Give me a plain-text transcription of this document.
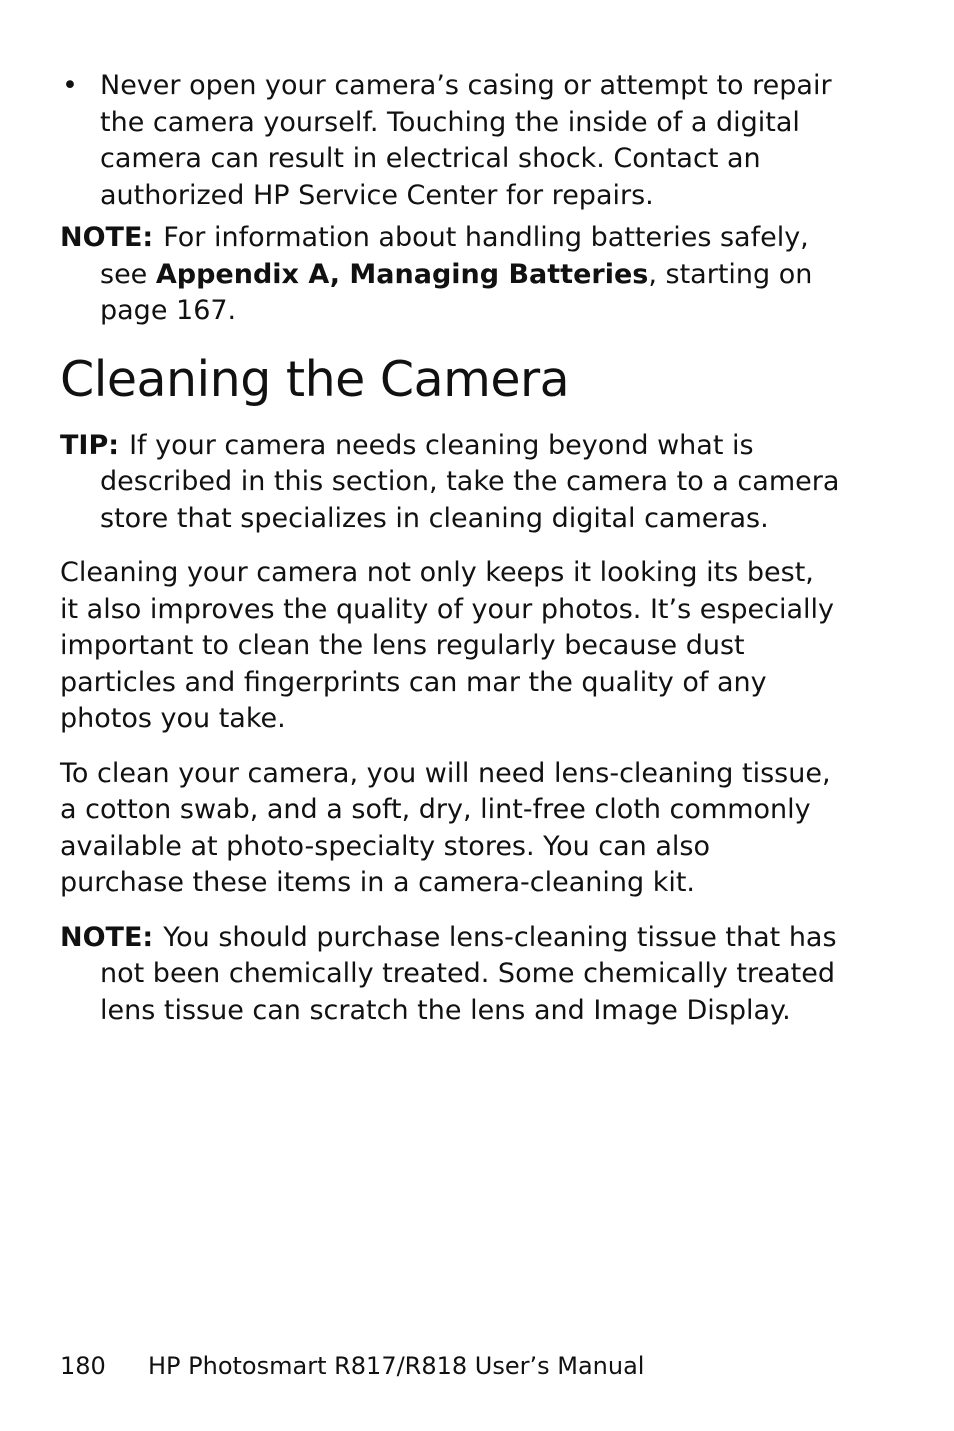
• Never open your camera’s casing or attempt to repair the camera yourself. Touching the inside of a digital camera can result in electrical shock. Contact an authorized HP Service Center for repairs.

NOTE: For information about handling batteries safely, see Appendix A, Managing Batteries, starting on page 167.

Cleaning the Camera

TIP: If your camera needs cleaning beyond what is described in this section, take the camera to a camera store that specializes in cleaning digital cameras.

Cleaning your camera not only keeps it looking its best, it also improves the quality of your photos. It’s especially important to clean the lens regularly because dust particles and fingerprints can mar the quality of any photos you take.

To clean your camera, you will need lens-cleaning tissue, a cotton swab, and a soft, dry, lint-free cloth commonly available at photo-specialty stores. You can also purchase these items in a camera-cleaning kit.

NOTE: You should purchase lens-cleaning tissue that has not been chemically treated. Some chemically treated lens tissue can scratch the lens and Image Display.

180 HP Photosmart R817/R818 User’s Manual
